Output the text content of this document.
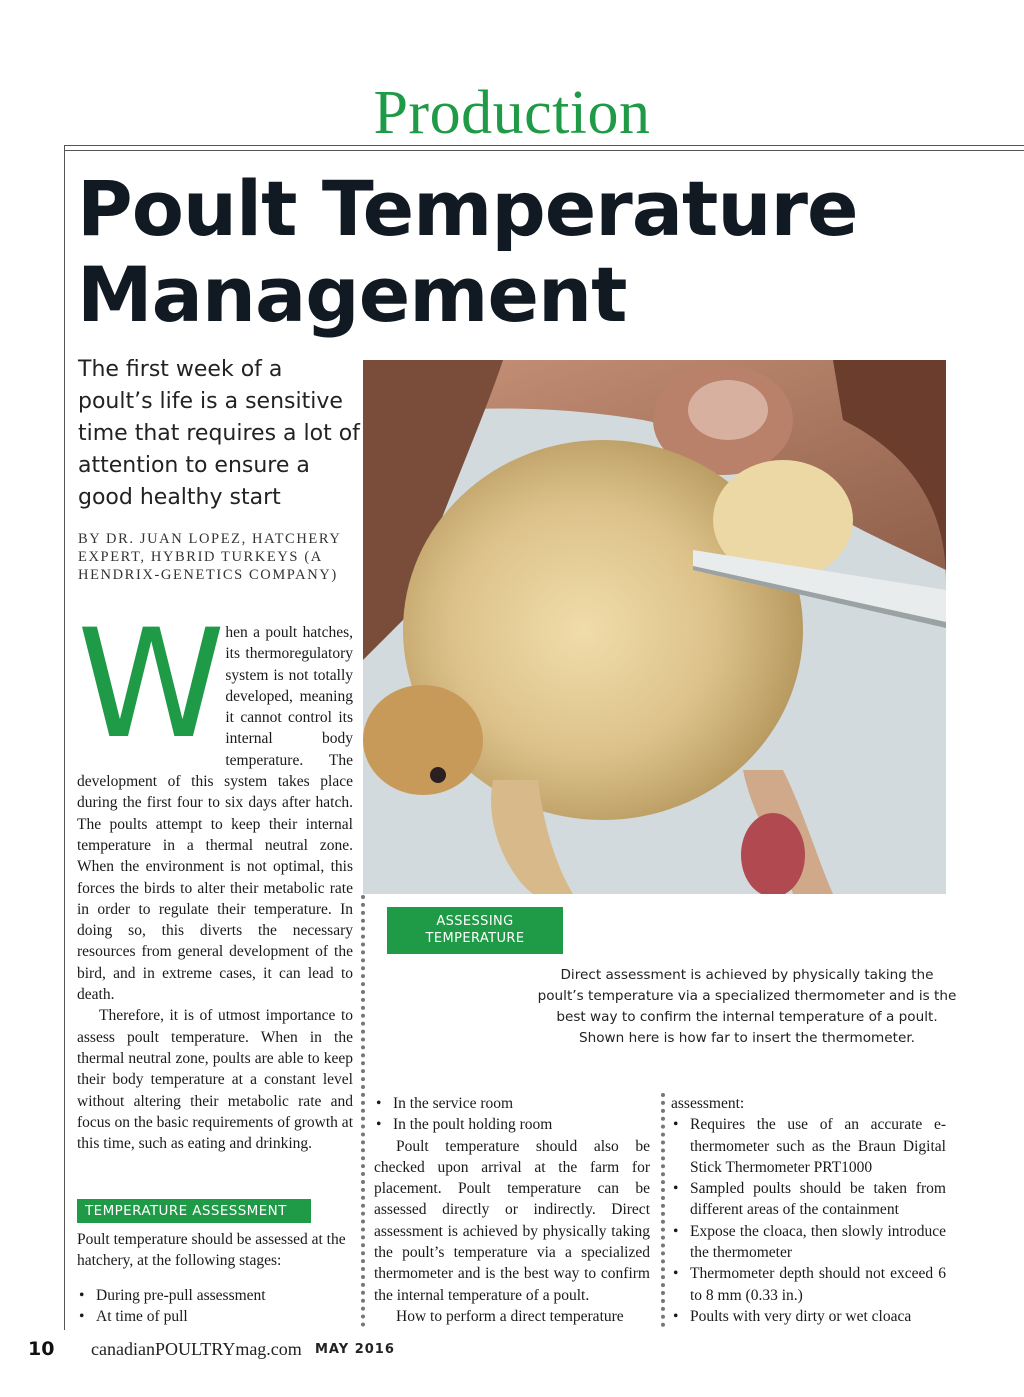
Production
Poult Temperature
Management
The first week of a poult’s life is a sensitive time that requires a lot of attention to ensure a good healthy start
BY DR. JUAN LOPEZ, HATCHERY EXPERT, HYBRID TURKEYS (A HENDRIX-GENETICS COMPANY)
W hen a poult hatches, its thermoregulatory system is not totally developed, meaning it cannot control its internal body temperature. The development of this system takes place during the first four to six days after hatch. The poults attempt to keep their internal temperature in a thermal neutral zone. When the environment is not optimal, this forces the birds to alter their metabolic rate in order to regulate their temperature. In doing so, this diverts the necessary resources from general development of the bird, and in extreme cases, it can lead to death.

Therefore, it is of utmost importance to assess poult temperature. When in the thermal neutral zone, poults are able to keep their body temperature at a constant level without altering their metabolic rate and focus on the basic requirements of growth at this time, such as eating and drinking.

TEMPERATURE ASSESSMENT

Poult temperature should be assessed at the hatchery, at the following stages:

• During pre-pull assessment
• At time of pull
ASSESSING TEMPERATURE
Direct assessment is achieved by physically taking the poult’s temperature via a specialized thermometer and is the best way to confirm the internal temperature of a poult. Shown here is how far to insert the thermometer.
• In the service room
• In the poult holding room

Poult temperature should also be checked upon arrival at the farm for placement. Poult temperature can be assessed directly or indirectly. Direct assessment is achieved by physically taking the poult’s temperature via a specialized thermometer and is the best way to confirm the internal temperature of a poult.

How to perform a direct temperature

assessment:

• Requires the use of an accurate e-thermometer such as the Braun Digital Stick Thermometer PRT1000
• Sampled poults should be taken from different areas of the containment
• Expose the cloaca, then slowly introduce the thermometer
• Thermometer depth should not exceed 6 to 8 mm (0.33 in.)
• Poults with very dirty or wet cloaca
10 canadianPOULTRYmag.com MAY 2016
